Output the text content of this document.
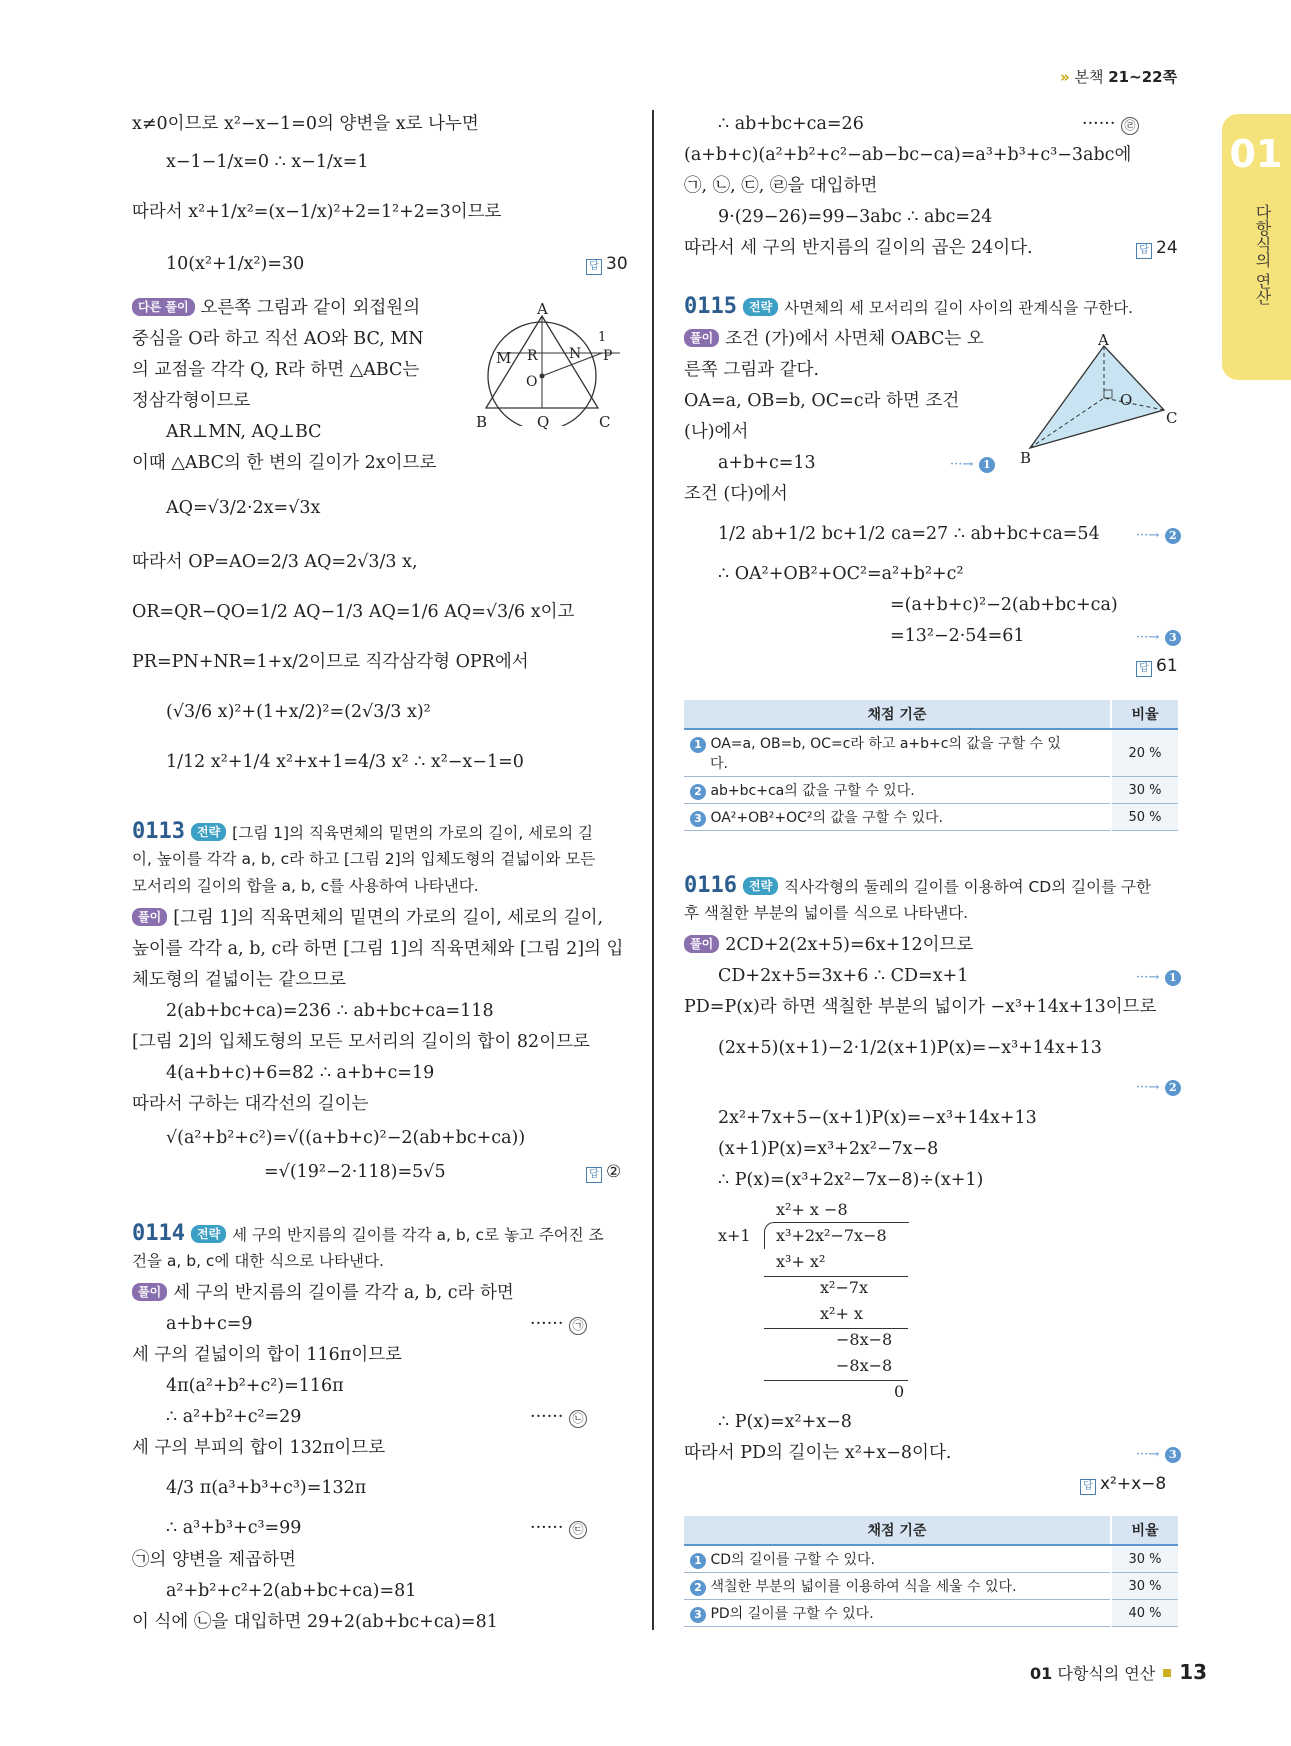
» 본책 21~22쪽
01
다항식의 연산
x≠0이므로 x²−x−1=0의 양변을 x로 나누면
x−1−1/x=0 ∴ x−1/x=1
따라서 x²+1/x²=(x−1/x)²+2=1²+2=3이므로
10(x²+1/x²)=30	답 30
다른 풀이 오른쪽 그림과 같이 외접원의
중심을 O라 하고 직선 AO와 BC, MN
의 교점을 각각 Q, R라 하면 △ABC는
정삼각형이므로
AR⊥MN, AQ⊥BC
이때 △ABC의 한 변의 길이가 2x이므로
AQ=√3/2·2x=√3x
따라서 OP=AO=2/3 AQ=2√3/3 x,
OR=QR−QO=1/2 AQ−1/3 AQ=1/6 AQ=√3/6 x이고
PR=PN+NR=1+x/2이므로 직각삼각형 OPR에서
(√3/6 x)²+(1+x/2)²=(2√3/3 x)²
1/12 x²+1/4 x²+x+1=4/3 x² ∴ x²−x−1=0
A
B	C
M R N
O
P
Q
1
0113 전략 [그림 1]의 직육면체의 밑면의 가로의 길이, 세로의 길
이, 높이를 각각 a, b, c라 하고 [그림 2]의 입체도형의 겉넓이와 모든
모서리의 길이의 합을 a, b, c를 사용하여 나타낸다.
풀이 [그림 1]의 직육면체의 밑면의 가로의 길이, 세로의 길이,
높이를 각각 a, b, c라 하면 [그림 1]의 직육면체와 [그림 2]의 입
체도형의 겉넓이는 같으므로
2(ab+bc+ca)=236 ∴ ab+bc+ca=118
[그림 2]의 입체도형의 모든 모서리의 길이의 합이 82이므로
4(a+b+c)+6=82 ∴ a+b+c=19
따라서 구하는 대각선의 길이는
√(a²+b²+c²)=√((a+b+c)²−2(ab+bc+ca))
=√(19²−2·118)=5√5	답 ②
0114 전략 세 구의 반지름의 길이를 각각 a, b, c로 놓고 주어진 조
건을 a, b, c에 대한 식으로 나타낸다.
풀이 세 구의 반지름의 길이를 각각 a, b, c라 하면
a+b+c=9	······ ㉠
세 구의 겉넓이의 합이 116π이므로
4π(a²+b²+c²)=116π
∴ a²+b²+c²=29	······ ㉡
세 구의 부피의 합이 132π이므로
4/3 π(a³+b³+c³)=132π
∴ a³+b³+c³=99	······ ㉢
㉠의 양변을 제곱하면
a²+b²+c²+2(ab+bc+ca)=81
이 식에 ㉡을 대입하면 29+2(ab+bc+ca)=81
∴ ab+bc+ca=26	······ ㉣
(a+b+c)(a²+b²+c²−ab−bc−ca)=a³+b³+c³−3abc에
㉠, ㉡, ㉢, ㉣을 대입하면
9·(29−26)=99−3abc ∴ abc=24
따라서 세 구의 반지름의 길이의 곱은 24이다.	답 24
0115 전략 사면체의 세 모서리의 길이 사이의 관계식을 구한다.
풀이 조건 (가)에서 사면체 OABC는 오
른쪽 그림과 같다.
OA=a, OB=b, OC=c라 하면 조건
(나)에서
a+b+c=13	···→ 1
조건 (다)에서
1/2 ab+1/2 bc+1/2 ca=27 ∴ ab+bc+ca=54	···→ 2
∴ OA²+OB²+OC²=a²+b²+c²
=(a+b+c)²−2(ab+bc+ca)
=13²−2·54=61	···→ 3
답 61
A
B
C
O
채점 기준	비율
1 OA=a, OB=b, OC=c라 하고 a+b+c의 값을 구할 수 있
다.	20 %
2 ab+bc+ca의 값을 구할 수 있다.	30 %
3 OA²+OB²+OC²의 값을 구할 수 있다.	50 %
0116 전략 직사각형의 둘레의 길이를 이용하여 CD의 길이를 구한
후 색칠한 부분의 넓이를 식으로 나타낸다.
풀이 2CD+2(2x+5)=6x+12이므로
CD+2x+5=3x+6 ∴ CD=x+1	···→ 1
PD=P(x)라 하면 색칠한 부분의 넓이가 −x³+14x+13이므로
(2x+5)(x+1)−2·1/2(x+1)P(x)=−x³+14x+13
···→ 2
2x²+7x+5−(x+1)P(x)=−x³+14x+13
(x+1)P(x)=x³+2x²−7x−8
∴ P(x)=(x³+2x²−7x−8)÷(x+1)
x²+ x −8
x+1 x³+2x²−7x−8
x³+ x²
x²−7x
x²+ x
−8x−8
−8x−8
0
∴ P(x)=x²+x−8
따라서 PD의 길이는 x²+x−8이다.	···→ 3
답 x²+x−8
채점 기준	비율
1 CD의 길이를 구할 수 있다.	30 %
2 색칠한 부분의 넓이를 이용하여 식을 세울 수 있다.	30 %
3 PD의 길이를 구할 수 있다.	40 %
01 다항식의 연산 13
